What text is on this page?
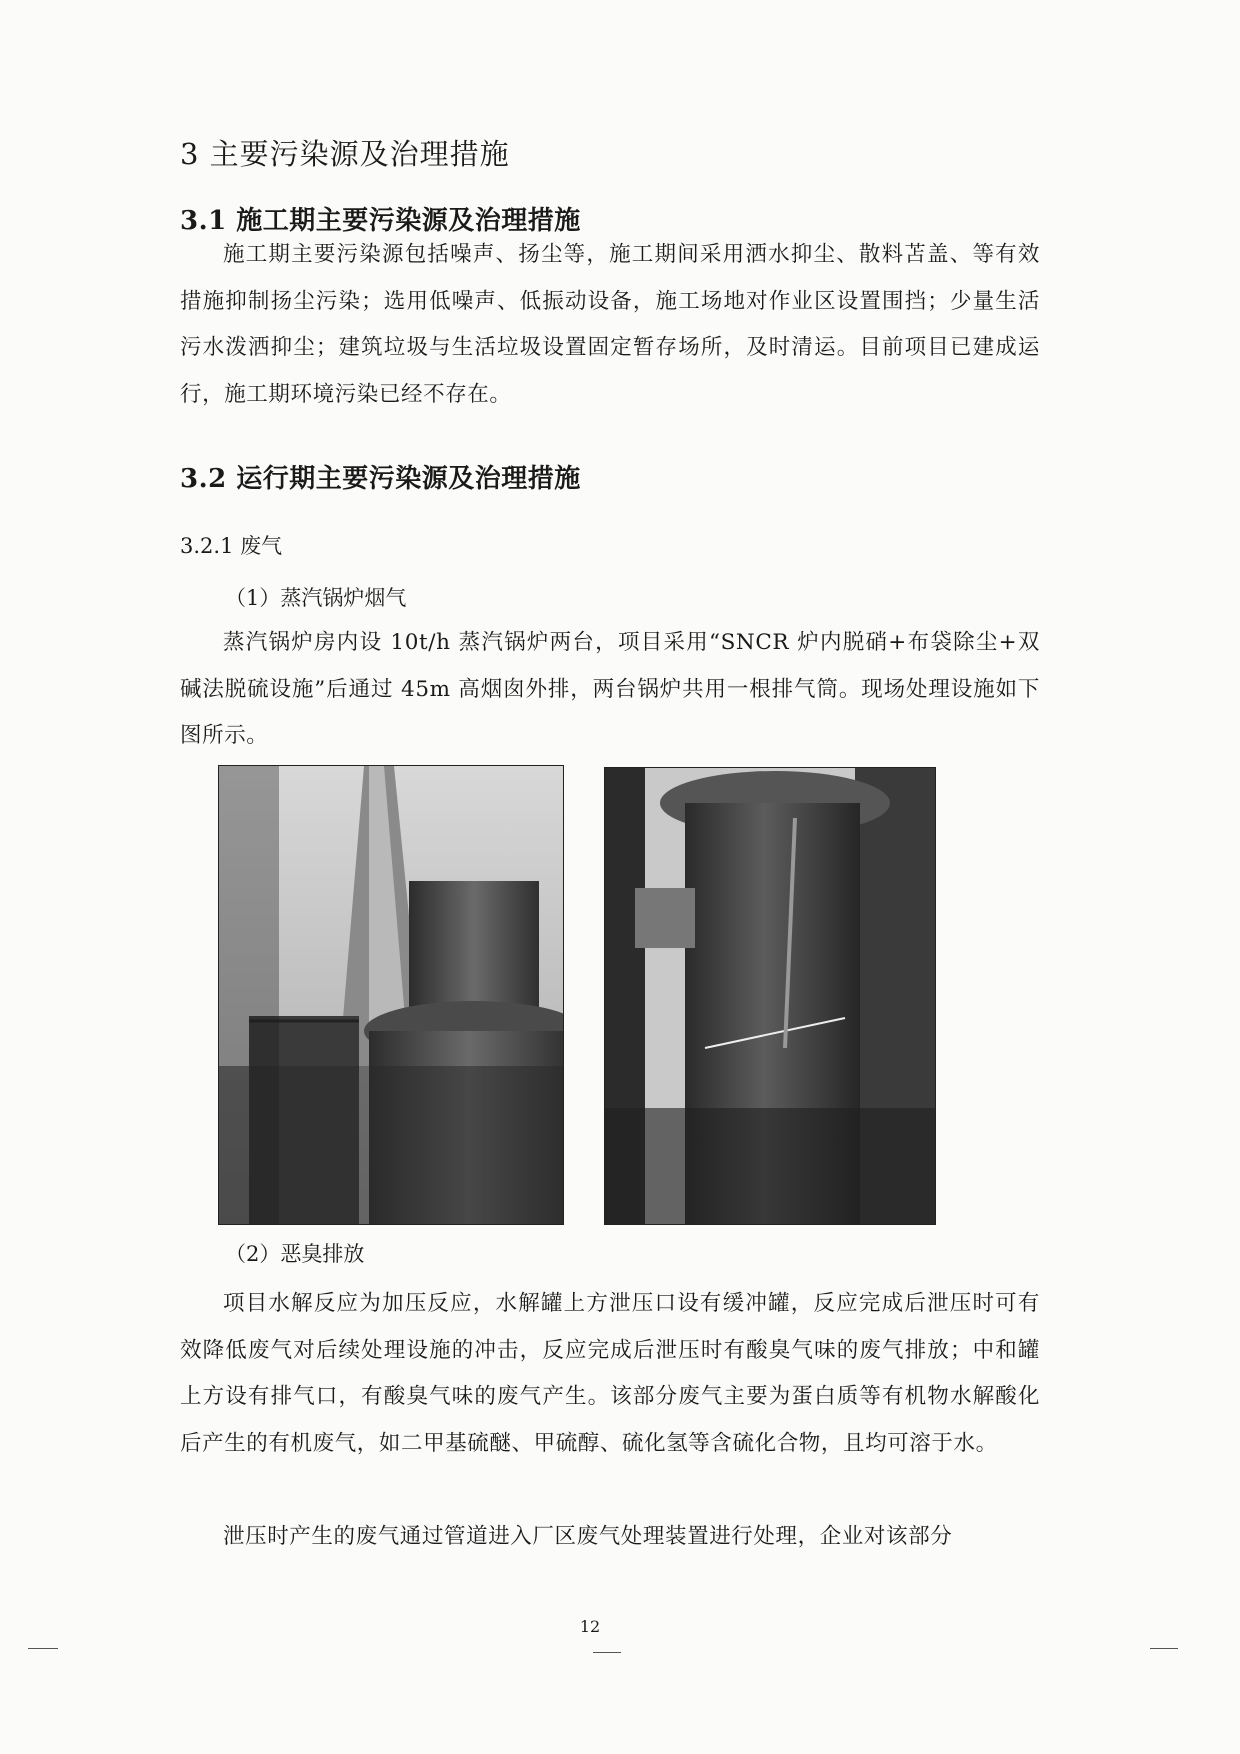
3 主要污染源及治理措施
3.1 施工期主要污染源及治理措施
施工期主要污染源包括噪声、扬尘等，施工期间采用洒水抑尘、散料苫盖、等有效措施抑制扬尘污染；选用低噪声、低振动设备，施工场地对作业区设置围挡；少量生活污水泼洒抑尘；建筑垃圾与生活垃圾设置固定暂存场所，及时清运。目前项目已建成运行，施工期环境污染已经不存在。
3.2 运行期主要污染源及治理措施
3.2.1 废气
（1）蒸汽锅炉烟气
蒸汽锅炉房内设 10t/h 蒸汽锅炉两台，项目采用“SNCR 炉内脱硝+布袋除尘+双碱法脱硫设施”后通过 45m 高烟囱外排，两台锅炉共用一根排气筒。现场处理设施如下图所示。
（2）恶臭排放
项目水解反应为加压反应，水解罐上方泄压口设有缓冲罐，反应完成后泄压时可有效降低废气对后续处理设施的冲击，反应完成后泄压时有酸臭气味的废气排放；中和罐上方设有排气口，有酸臭气味的废气产生。该部分废气主要为蛋白质等有机物水解酸化后产生的有机废气，如二甲基硫醚、甲硫醇、硫化氢等含硫化合物，且均可溶于水。
泄压时产生的废气通过管道进入厂区废气处理装置进行处理，企业对该部分
12
